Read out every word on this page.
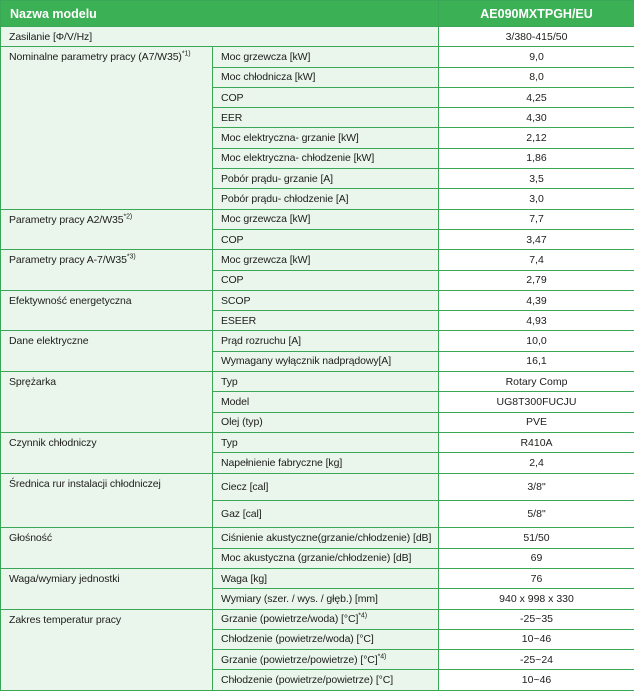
Nazwa modelu		AE090MXTPGH/EU
Zasilanie [Φ/V/Hz]		3/380-415/50
Nominalne parametry pracy $(A7/W35)^{*1)}$	Moc grzewcza [kW]	9,0
	Moc chłodnicza [kW]	8,0
	COP	4,25
	EER	4,30
	Moc elektryczna- grzanie [kW]	2,12
	Moc elektryczna- chłodzenie [kW]	1,86
	Pobór prądu- grzanie [A]	3,5
	Pobór prądu- chłodzenie [A]	3,0
Parametry pracy A2/W35$^{*2)}$	Moc grzewcza [kW]	7,7
	COP	3,47
Parametry pracy A-7/W35$^{*3)}$	Moc grzewcza [kW]	7,4
	COP	2,79
Efektywność energetyczna	SCOP	4,39
	ESEER	4,93
Dane elektryczne	Prąd rozruchu [A]	10,0
	Wymagany wyłącznik nadprądowy[A]	16,1
Sprężarka	Typ	Rotary Comp
	Model	UG8T300FUCJU
	Olej (typ)	PVE
Czynnik chłodniczy	Typ	R410A
	Napełnienie fabryczne [kg]	2,4
Średnica rur instalacji chłodniczej	Ciecz [cal]	3/8"
	Gaz [cal]	5/8"
Głośność	Ciśnienie akustyczne(grzanie/chłodzenie) [dB]	51/50
	Moc akustyczna (grzanie/chłodzenie) [dB]	69
Waga/wymiary jednostki	Waga [kg]	76
	Wymiary (szer. / wys. / głęb.) [mm]	940 x 998 x 330
Zakres temperatur pracy	Grzanie (powietrze/woda) $[^\circ C]^{*4)}$	-25~35
	Chłodzenie (powietrze/woda) [°C]	10~46
	Grzanie (powietrze/powietrze) $[^\circ C]^{*4)}$	-25~24
	Chłodzenie (powietrze/powietrze) [°C]	10~46
